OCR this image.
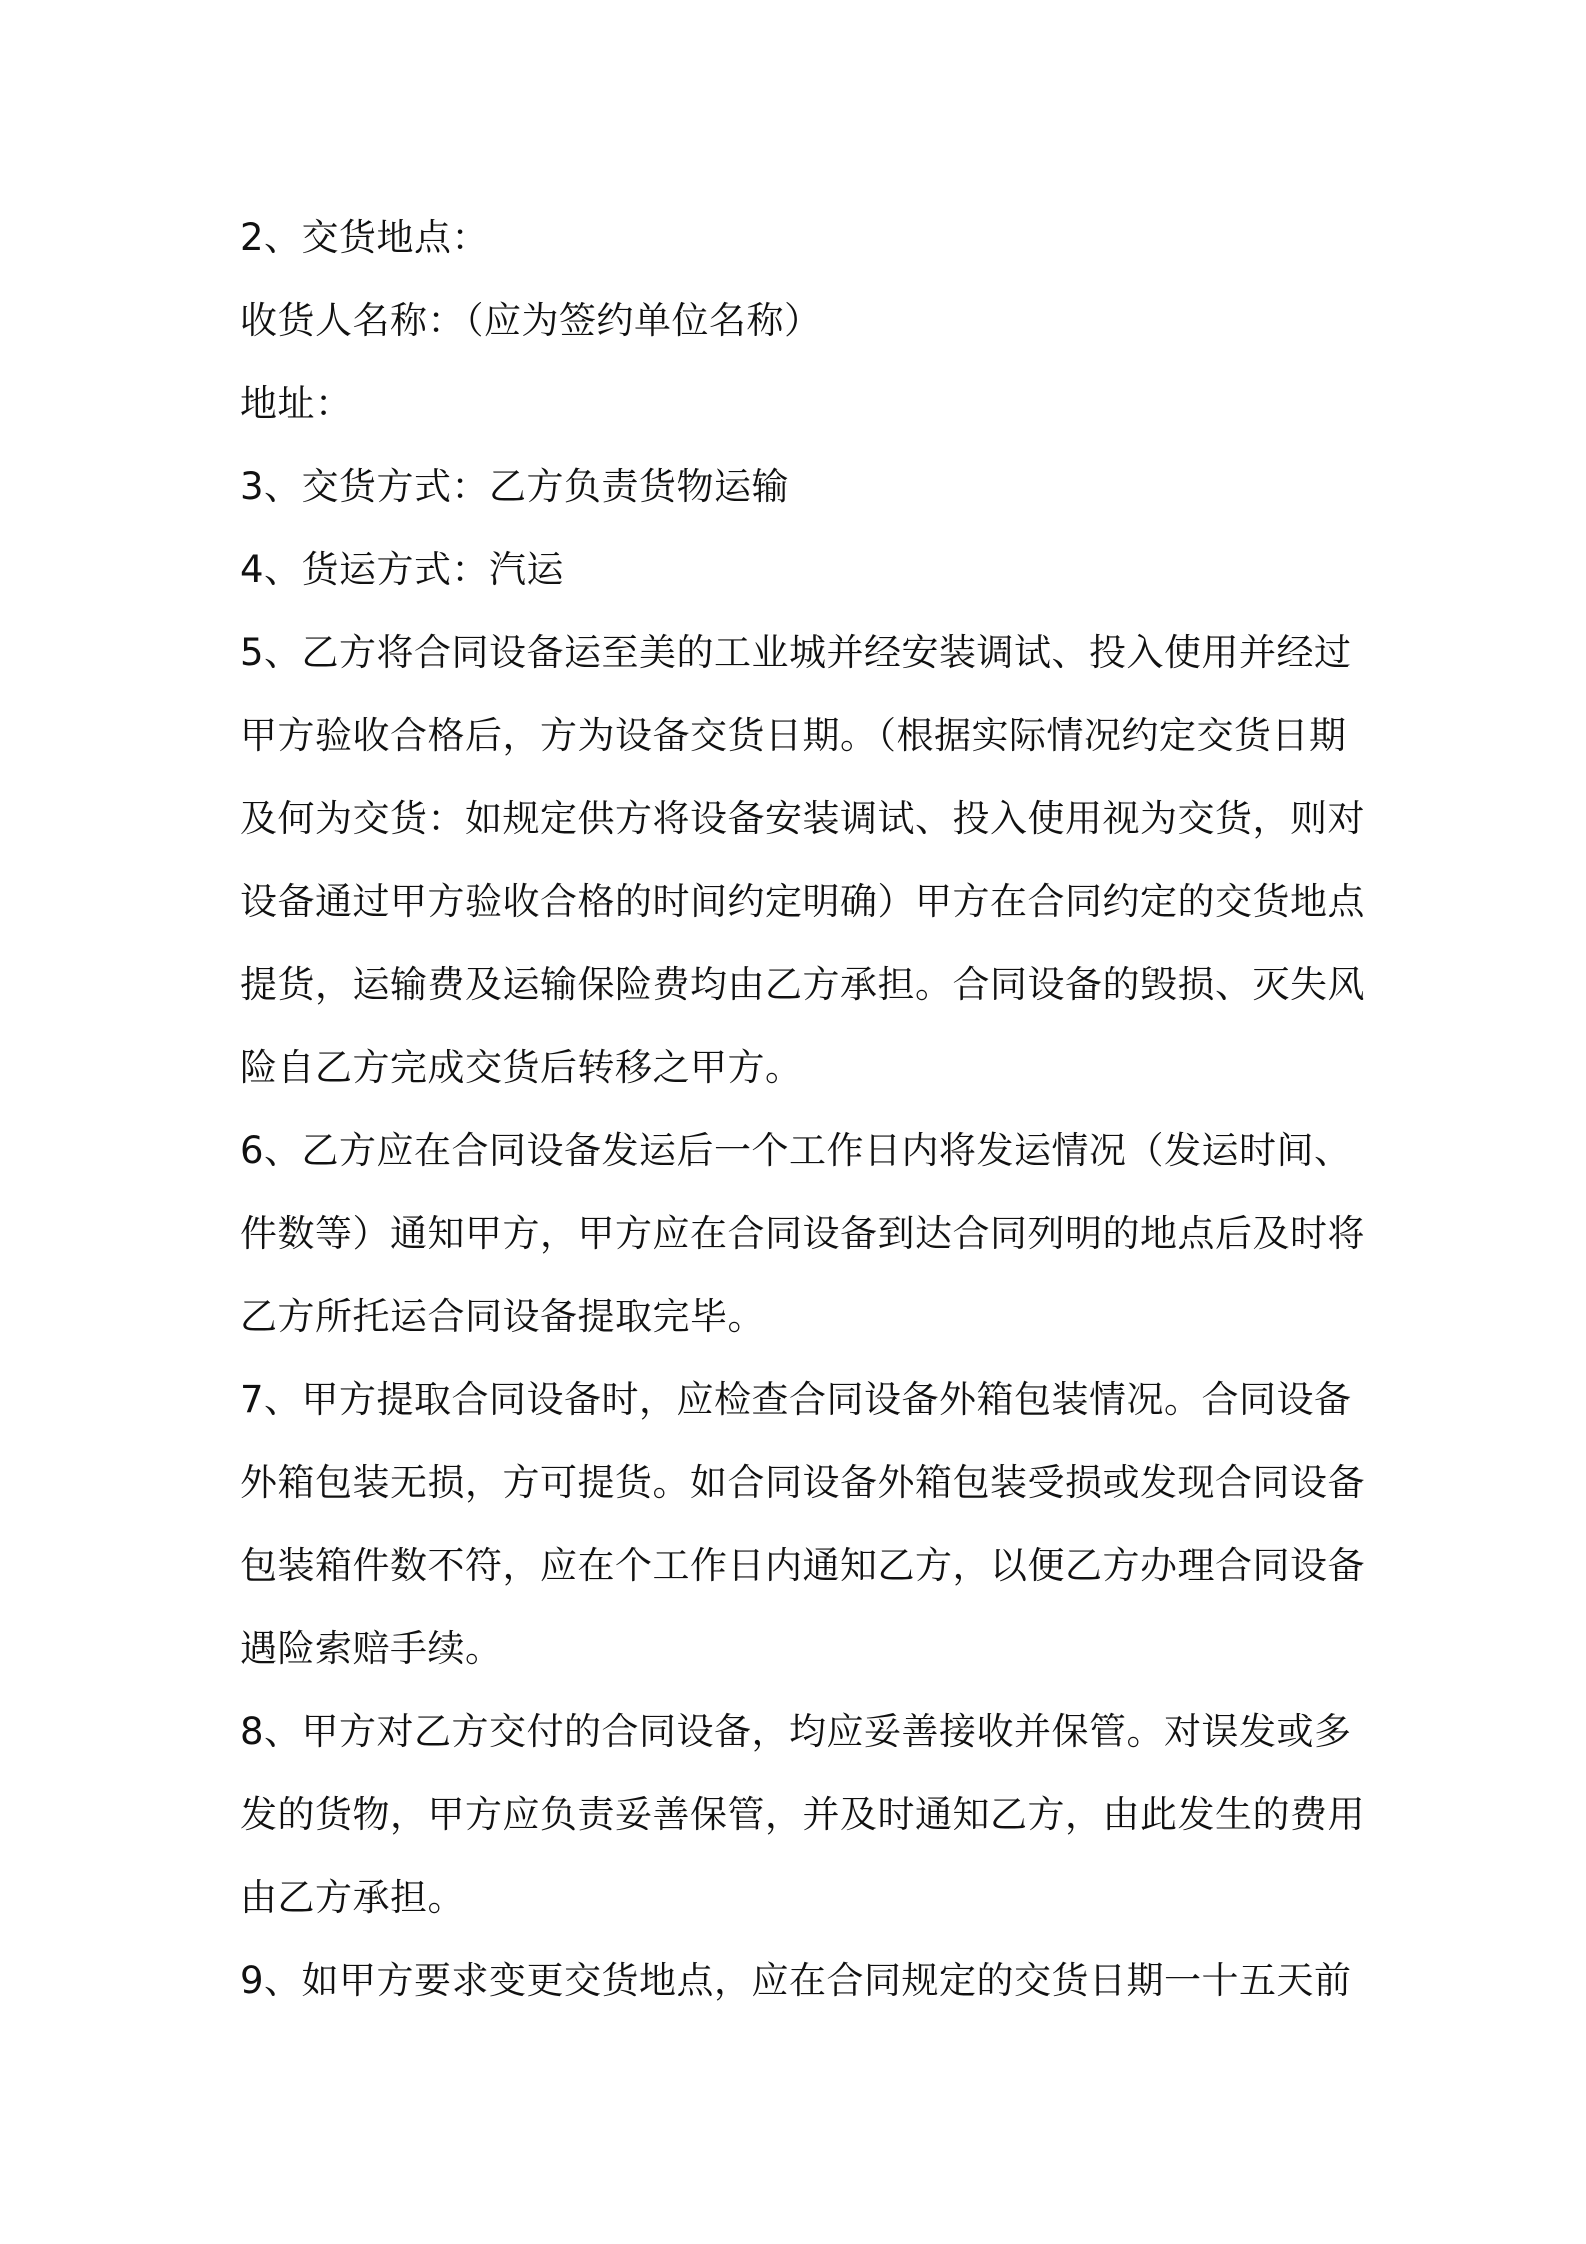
2、交货地点：

收货人名称：（应为签约单位名称）

地址：

3、交货方式：乙方负责货物运输

4、货运方式：汽运

5、乙方将合同设备运至美的工业城并经安装调试、投入使用并经过
甲方验收合格后，方为设备交货日期。（根据实际情况约定交货日期
及何为交货：如规定供方将设备安装调试、投入使用视为交货，则对
设备通过甲方验收合格的时间约定明确）甲方在合同约定的交货地点
提货，运输费及运输保险费均由乙方承担。合同设备的毁损、灭失风
险自乙方完成交货后转移之甲方。

6、乙方应在合同设备发运后一个工作日内将发运情况（发运时间、
件数等）通知甲方，甲方应在合同设备到达合同列明的地点后及时将
乙方所托运合同设备提取完毕。

7、甲方提取合同设备时，应检查合同设备外箱包装情况。合同设备
外箱包装无损，方可提货。如合同设备外箱包装受损或发现合同设备
包装箱件数不符，应在个工作日内通知乙方，以便乙方办理合同设备
遇险索赔手续。

8、甲方对乙方交付的合同设备，均应妥善接收并保管。对误发或多
发的货物，甲方应负责妥善保管，并及时通知乙方，由此发生的费用
由乙方承担。

9、如甲方要求变更交货地点，应在合同规定的交货日期一十五天前
